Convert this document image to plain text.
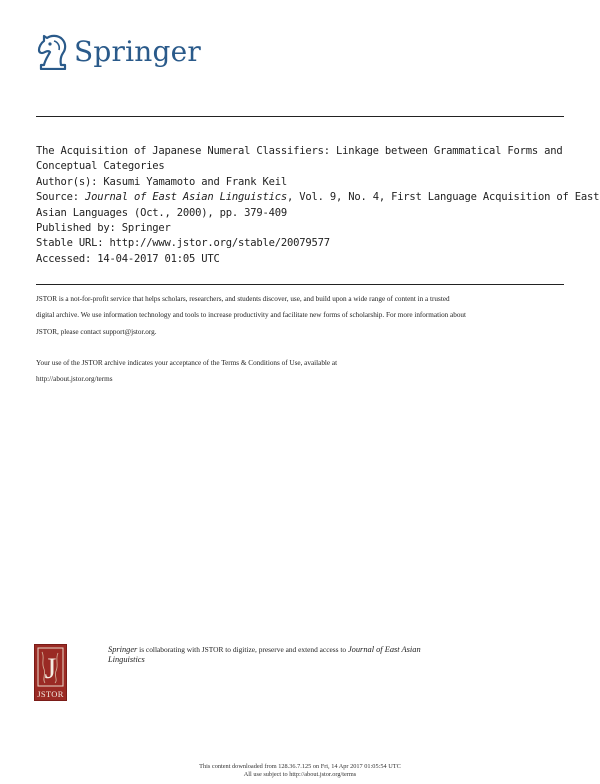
Springer
The Acquisition of Japanese Numeral Classifiers: Linkage between Grammatical Forms and
Conceptual Categories
Author(s): Kasumi Yamamoto and Frank Keil
Source: Journal of East Asian Linguistics, Vol. 9, No. 4, First Language Acquisition of East
Asian Languages (Oct., 2000), pp. 379-409
Published by: Springer
Stable URL: http://www.jstor.org/stable/20079577
Accessed: 14-04-2017 01:05 UTC
JSTOR is a not-for-profit service that helps scholars, researchers, and students discover, use, and build upon a wide range of content in a trusted
digital archive. We use information technology and tools to increase productivity and facilitate new forms of scholarship. For more information about
JSTOR, please contact support@jstor.org.
Your use of the JSTOR archive indicates your acceptance of the Terms & Conditions of Use, available at
http://about.jstor.org/terms
J
JSTOR
Springer is collaborating with JSTOR to digitize, preserve and extend access to Journal of East Asian
Linguistics
This content downloaded from 128.36.7.125 on Fri, 14 Apr 2017 01:05:54 UTC
All use subject to http://about.jstor.org/terms
